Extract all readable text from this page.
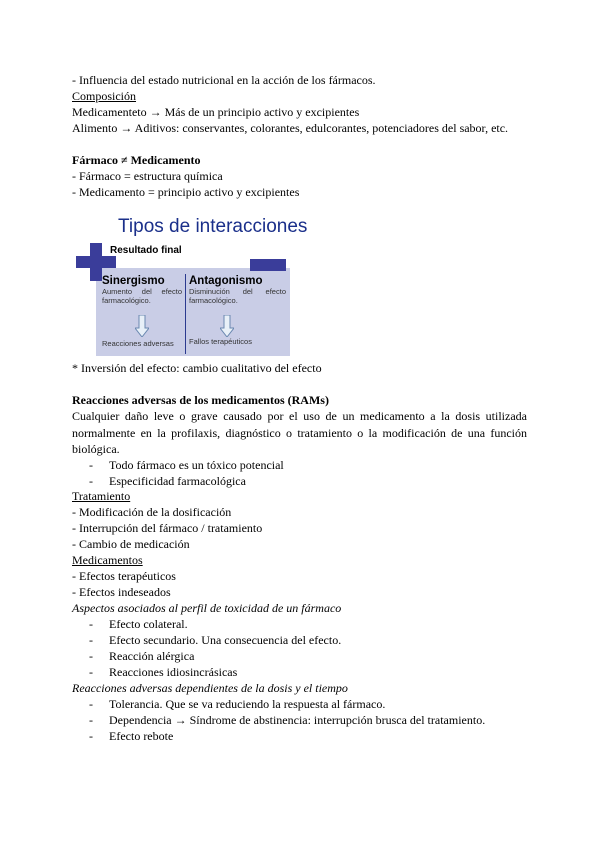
- Influencia del estado nutricional en la acción de los fármacos.
Composición
Medicamenteto → Más de un principio activo y excipientes
Alimento → Aditivos: conservantes, colorantes, edulcorantes, potenciadores del sabor, etc.
Fármaco ≠ Medicamento
- Fármaco = estructura química
- Medicamento = principio activo y excipientes
* Inversión del efecto: cambio cualitativo del efecto
Reacciones adversas de los medicamentos (RAMs)
Cualquier daño leve o grave causado por el uso de un medicamento a la dosis utilizada normalmente en la profilaxis, diagnóstico o tratamiento o la modificación de una función biológica.
- Todo fármaco es un tóxico potencial
- Especificidad farmacológica
Tratamiento
- Modificación de la dosificación
- Interrupción del fármaco / tratamiento
- Cambio de medicación
Medicamentos
- Efectos terapéuticos
- Efectos indeseados
Aspectos asociados al perfil de toxicidad de un fármaco
- Efecto colateral.
- Efecto secundario. Una consecuencia del efecto.
- Reacción alérgica
- Reacciones idiosincrásicas
Reacciones adversas dependientes de la dosis y el tiempo
- Tolerancia. Que se va reduciendo la respuesta al fármaco.
- Dependencia → Síndrome de abstinencia: interrupción brusca del tratamiento.
- Efecto rebote
Tipos de interacciones
Resultado final
Sinergismo
Aumento del efecto farmacológico.
Reacciones adversas
Antagonismo
Disminución del efecto farmacológico.
Fallos terapéuticos
